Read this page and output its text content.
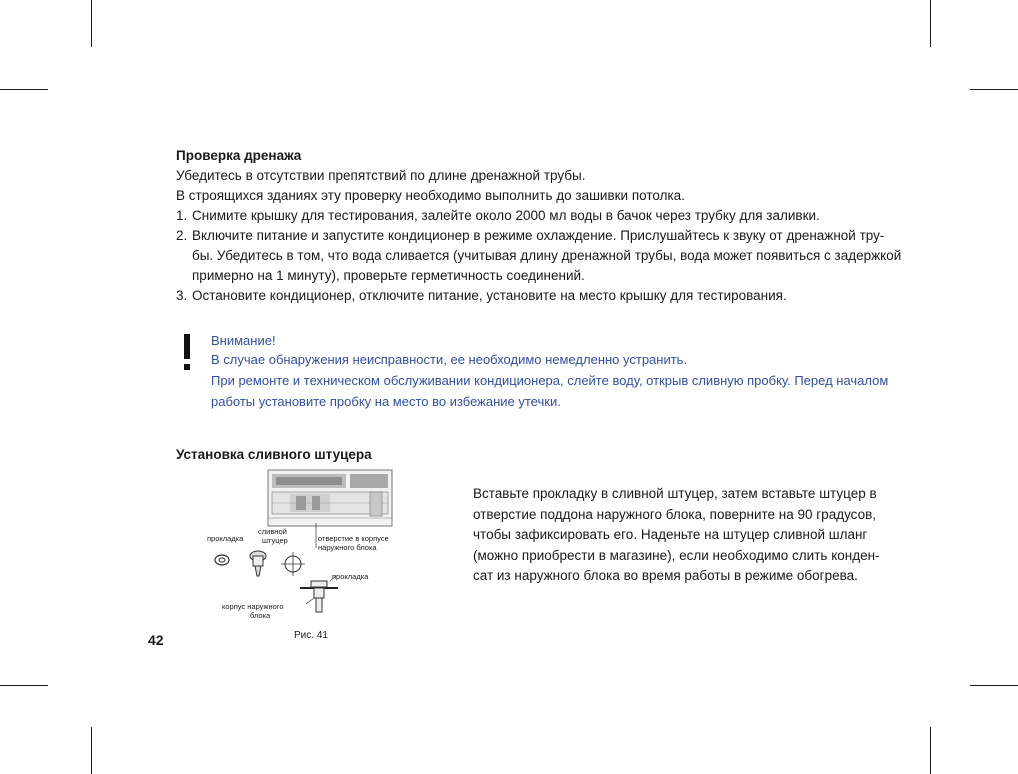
Проверка дренажа

Убедитесь в отсутствии препятствий по длине дренажной трубы.

В строящихся зданиях эту проверку необходимо выполнить до зашивки потолка.

1. Снимите крышку для тестирования, залейте около 2000 мл воды в бачок через трубку для заливки.
2. Включите питание и запустите кондиционер в режиме охлаждение. Прислушайтесь к звуку от дренажной тру-
бы. Убедитесь в том, что вода сливается (учитывая длину дренажной трубы, вода может появиться с задержкой
примерно на 1 минуту), проверьте герметичность соединений.
3. Остановите кондиционер, отключите питание, установите на место крышку для тестирования.

Внимание!

В случае обнаружения неисправности, ее необходимо немедленно устранить.

При ремонте и техническом обслуживании кондиционера, слейте воду, открыв сливную пробку. Перед началом

работы установите пробку на место во избежание утечки.

Установка сливного штуцера

прокладка

сливной

штуцер	отверстие в корпусе

наружного блока

прокладка

корпус наружного

блока

Рис. 41

Вставьте прокладку в сливной штуцер, затем вставьте штуцер в
отверстие поддона наружного блока, поверните на 90 градусов,
чтобы зафиксировать его. Наденьте на штуцер сливной шланг
(можно приобрести в магазине), если необходимо слить конден-
сат из наружного блока во время работы в режиме обогрева.

42
